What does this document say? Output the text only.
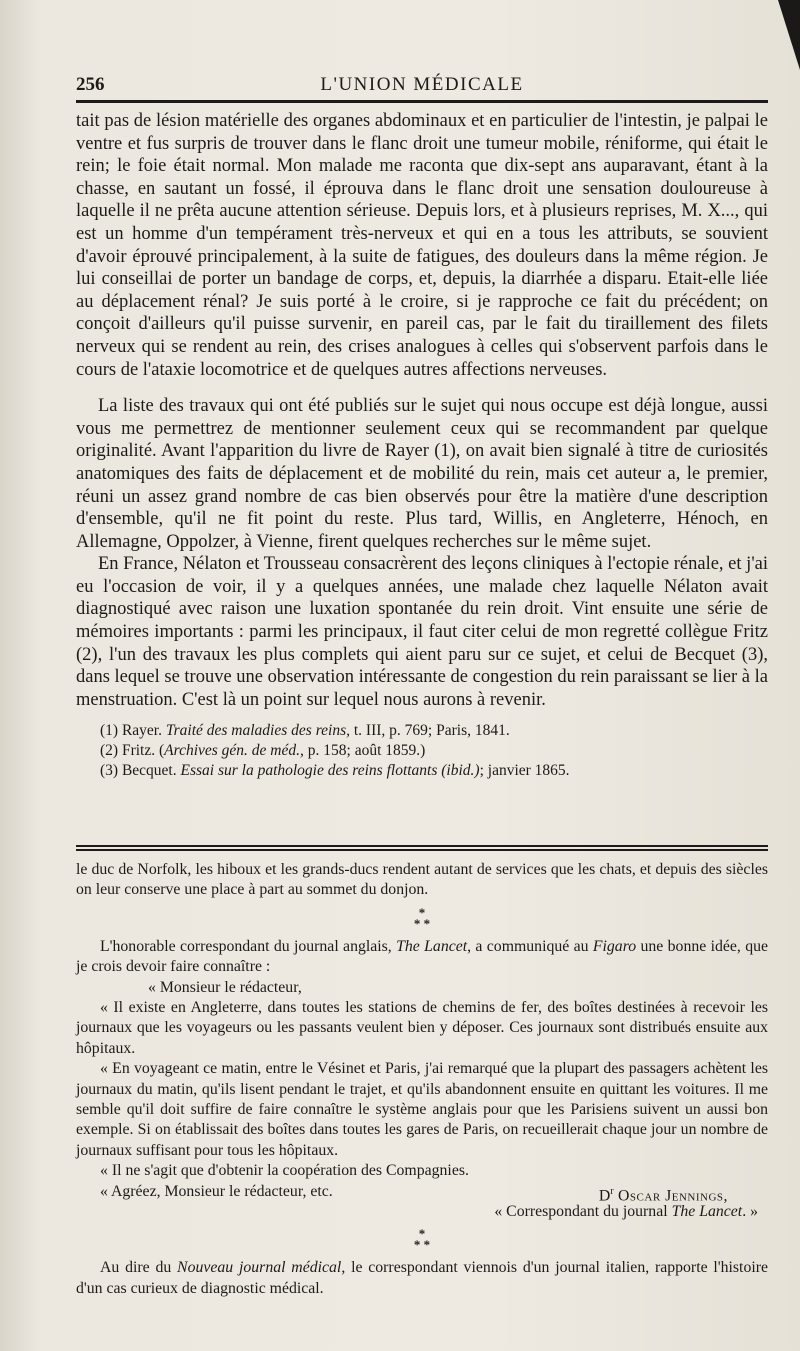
256	L'UNION MÉDICALE

tait pas de lésion matérielle des organes abdominaux et en particulier de l'intestin, je palpai le ventre et fus surpris de trouver dans le flanc droit une tumeur mobile, réniforme, qui était le rein; le foie était normal. Mon malade me raconta que dix-sept ans auparavant, étant à la chasse, en sautant un fossé, il éprouva dans le flanc droit une sensation douloureuse à laquelle il ne prêta aucune attention sérieuse. Depuis lors, et à plusieurs reprises, M. X..., qui est un homme d'un tempérament très-nerveux et qui en a tous les attributs, se souvient d'avoir éprouvé principalement, à la suite de fatigues, des douleurs dans la même région. Je lui conseillai de porter un bandage de corps, et, depuis, la diarrhée a disparu. Etait-elle liée au déplacement rénal? Je suis porté à le croire, si je rapproche ce fait du précédent; on conçoit d'ailleurs qu'il puisse survenir, en pareil cas, par le fait du tiraillement des filets nerveux qui se rendent au rein, des crises analogues à celles qui s'observent parfois dans le cours de l'ataxie locomotrice et de quelques autres affections nerveuses.

La liste des travaux qui ont été publiés sur le sujet qui nous occupe est déjà longue, aussi vous me permettrez de mentionner seulement ceux qui se recommandent par quelque originalité. Avant l'apparition du livre de Rayer (1), on avait bien signalé à titre de curiosités anatomiques des faits de déplacement et de mobilité du rein, mais cet auteur a, le premier, réuni un assez grand nombre de cas bien observés pour être la matière d'une description d'ensemble, qu'il ne fit point du reste. Plus tard, Willis, en Angleterre, Hénoch, en Allemagne, Oppolzer, à Vienne, firent quelques recherches sur le même sujet.

En France, Nélaton et Trousseau consacrèrent des leçons cliniques à l'ectopie rénale, et j'ai eu l'occasion de voir, il y a quelques années, une malade chez laquelle Nélaton avait diagnostiqué avec raison une luxation spontanée du rein droit. Vint ensuite une série de mémoires importants : parmi les principaux, il faut citer celui de mon regretté collègue Fritz (2), l'un des travaux les plus complets qui aient paru sur ce sujet, et celui de Becquet (3), dans lequel se trouve une observation intéressante de congestion du rein paraissant se lier à la menstruation. C'est là un point sur lequel nous aurons à revenir.

(1) Rayer. Traité des maladies des reins, t. III, p. 769; Paris, 1841.

(2) Fritz. (Archives gén. de méd., p. 158; août 1859.)

(3) Becquet. Essai sur la pathologie des reins flottants (ibid.); janvier 1865.

le duc de Norfolk, les hiboux et les grands-ducs rendent autant de services que les chats, et depuis des siècles on leur conserve une place à part au sommet du donjon.

*
* *

L'honorable correspondant du journal anglais, The Lancet, a communiqué au Figaro une bonne idée, que je crois devoir faire connaître :

« Monsieur le rédacteur,

« Il existe en Angleterre, dans toutes les stations de chemins de fer, des boîtes destinées à recevoir les journaux que les voyageurs ou les passants veulent bien y déposer. Ces journaux sont distribués ensuite aux hôpitaux.

« En voyageant ce matin, entre le Vésinet et Paris, j'ai remarqué que la plupart des passagers achètent les journaux du matin, qu'ils lisent pendant le trajet, et qu'ils abandonnent ensuite en quittant les voitures. Il me semble qu'il doit suffire de faire connaître le système anglais pour que les Parisiens suivent un aussi bon exemple. Si on établissait des boîtes dans toutes les gares de Paris, on recueillerait chaque jour un nombre de journaux suffisant pour tous les hôpitaux.

« Il ne s'agit que d'obtenir la coopération des Compagnies.

« Agréez, Monsieur le rédacteur, etc.	$D^r$ Oscar Jennings,
« Correspondant du journal The Lancet. »
*
* *

Au dire du Nouveau journal médical, le correspondant viennois d'un journal italien, rapporte l'histoire d'un cas curieux de diagnostic médical.
